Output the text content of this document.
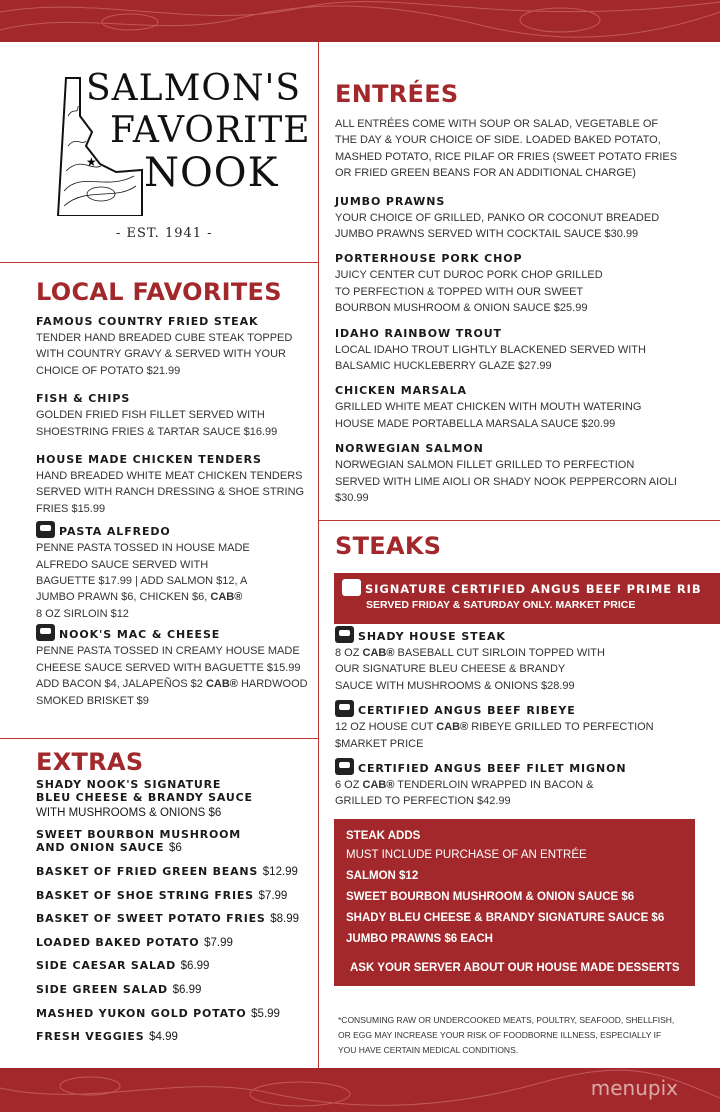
menupix
★
SALMON'S
FAVORITE
NOOK
- EST. 1941 -
LOCAL FAVORITES
FAMOUS COUNTRY FRIED STEAK
TENDER HAND BREADED CUBE STEAK TOPPED WITH COUNTRY GRAVY & SERVED WITH YOUR CHOICE OF POTATO $21.99
FISH & CHIPS
GOLDEN FRIED FISH FILLET SERVED WITH SHOESTRING FRIES & TARTAR SAUCE $16.99
HOUSE MADE CHICKEN TENDERS
HAND BREADED WHITE MEAT CHICKEN TENDERS SERVED WITH RANCH DRESSING & SHOE STRING FRIES $15.99
PASTA ALFREDO
PENNE PASTA TOSSED IN HOUSE MADE ALFREDO SAUCE SERVED WITH BAGUETTE $17.99 | ADD SALMON $12, A JUMBO PRAWN $6, CHICKEN $6, CAB® 8 OZ SIRLOIN $12
NOOK'S MAC & CHEESE
PENNE PASTA TOSSED IN CREAMY HOUSE MADE CHEESE SAUCE SERVED WITH BAGUETTE $15.99 ADD BACON $4, JALAPEÑOS $2 CAB® HARDWOOD SMOKED BRISKET $9
EXTRAS
SHADY NOOK'S SIGNATURE BLEU CHEESE & BRANDY SAUCE
WITH MUSHROOMS & ONIONS $6
SWEET BOURBON MUSHROOM AND ONION SAUCE $6
BASKET OF FRIED GREEN BEANS $12.99
BASKET OF SHOE STRING FRIES $7.99
BASKET OF SWEET POTATO FRIES $8.99
LOADED BAKED POTATO $7.99
SIDE CAESAR SALAD $6.99
SIDE GREEN SALAD $6.99
MASHED YUKON GOLD POTATO $5.99
FRESH VEGGIES $4.99
ENTRÉES
ALL ENTRÉES COME WITH SOUP OR SALAD, VEGETABLE OF THE DAY & YOUR CHOICE OF SIDE. LOADED BAKED POTATO, MASHED POTATO, RICE PILAF OR FRIES (SWEET POTATO FRIES OR FRIED GREEN BEANS FOR AN ADDITIONAL CHARGE)
JUMBO PRAWNS
YOUR CHOICE OF GRILLED, PANKO OR COCONUT BREADED JUMBO PRAWNS SERVED WITH COCKTAIL SAUCE $30.99
PORTERHOUSE PORK CHOP
JUICY CENTER CUT DUROC PORK CHOP GRILLED TO PERFECTION & TOPPED WITH OUR SWEET BOURBON MUSHROOM & ONION SAUCE $25.99
IDAHO RAINBOW TROUT
LOCAL IDAHO TROUT LIGHTLY BLACKENED SERVED WITH BALSAMIC HUCKLEBERRY GLAZE $27.99
CHICKEN MARSALA
GRILLED WHITE MEAT CHICKEN WITH MOUTH WATERING HOUSE MADE PORTABELLA MARSALA SAUCE $20.99
NORWEGIAN SALMON
NORWEGIAN SALMON FILLET GRILLED TO PERFECTION SERVED WITH LIME AIOLI OR SHADY NOOK PEPPERCORN AIOLI $30.99
STEAKS
SIGNATURE CERTIFIED ANGUS BEEF PRIME RIB
SERVED FRIDAY & SATURDAY ONLY. MARKET PRICE
SHADY HOUSE STEAK
8 OZ CAB® BASEBALL CUT SIRLOIN TOPPED WITH OUR SIGNATURE BLEU CHEESE & BRANDY SAUCE WITH MUSHROOMS & ONIONS $28.99
CERTIFIED ANGUS BEEF RIBEYE
12 OZ HOUSE CUT CAB® RIBEYE GRILLED TO PERFECTION $MARKET PRICE
CERTIFIED ANGUS BEEF FILET MIGNON
6 OZ CAB® TENDERLOIN WRAPPED IN BACON & GRILLED TO PERFECTION $42.99
STEAK ADDS
MUST INCLUDE PURCHASE OF AN ENTRÉE
SALMON $12
SWEET BOURBON MUSHROOM & ONION SAUCE $6
SHADY BLEU CHEESE & BRANDY SIGNATURE SAUCE $6
JUMBO PRAWNS $6 EACH
ASK YOUR SERVER ABOUT OUR HOUSE MADE DESSERTS
*CONSUMING RAW OR UNDERCOOKED MEATS, POULTRY, SEAFOOD, SHELLFISH, OR EGG MAY INCREASE YOUR RISK OF FOODBORNE ILLNESS, ESPECIALLY IF YOU HAVE CERTAIN MEDICAL CONDITIONS.
